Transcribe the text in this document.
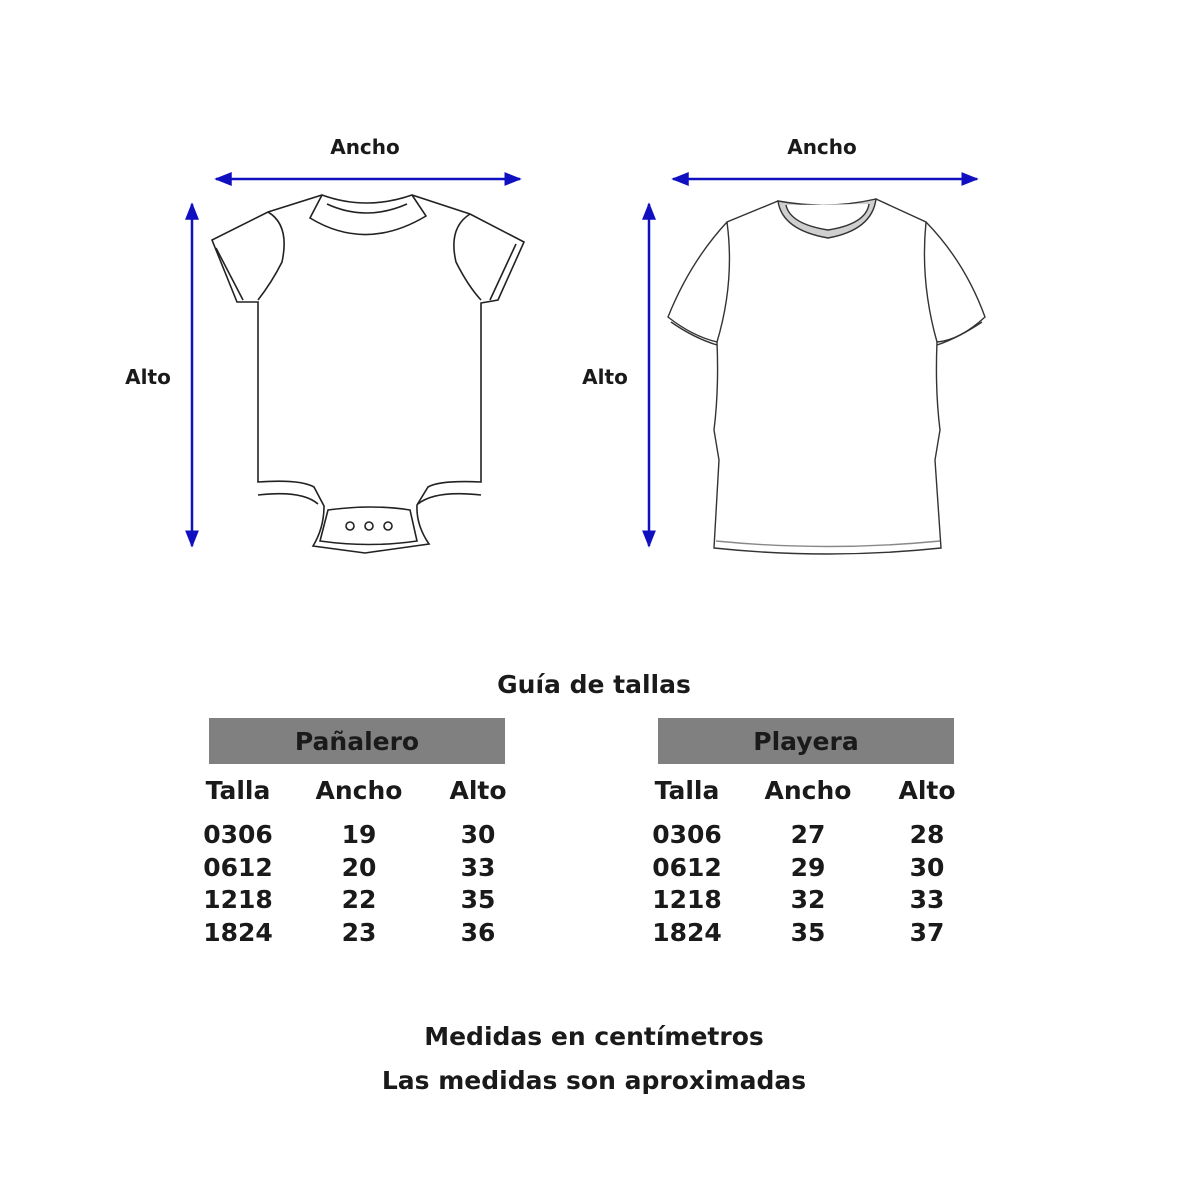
Ancho
Alto
Ancho
Alto
Guía de tallas
Pañalero
Talla	Ancho	Alto
0306	19	30
0612	20	33
1218	22	35
1824	23	36
Playera
Talla	Ancho	Alto
0306	27	28
0612	29	30
1218	32	33
1824	35	37
Medidas en centímetros
Las medidas son aproximadas
